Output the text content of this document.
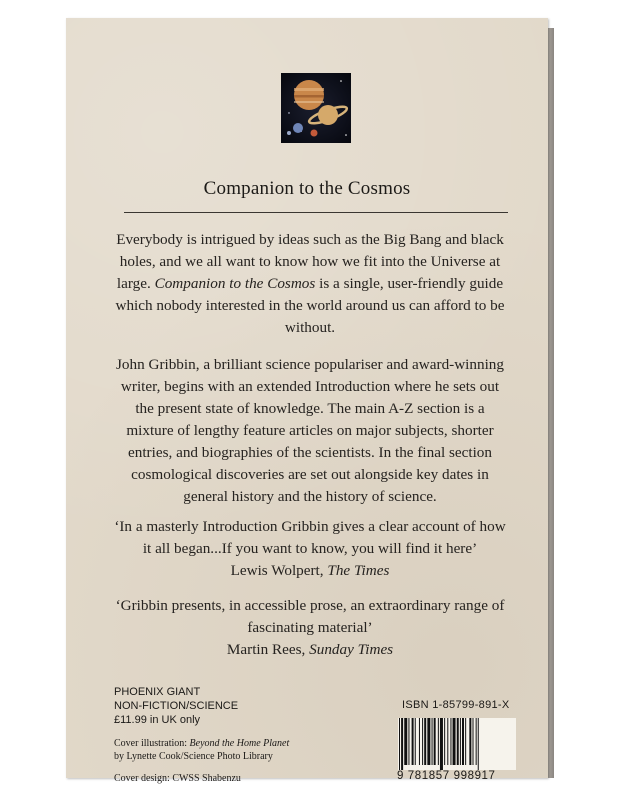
Companion to the Cosmos

Everybody is intrigued by ideas such as the Big Bang and black holes, and we all want to know how we fit into the Universe at large. Companion to the Cosmos is a single, user-friendly guide which nobody interested in the world around us can afford to be without.

John Gribbin, a brilliant science populariser and award-winning writer, begins with an extended Introduction where he sets out the present state of knowledge. The main A-Z section is a mixture of lengthy feature articles on major subjects, shorter entries, and biographies of the scientists. In the final section cosmological discoveries are set out alongside key dates in general history and the history of science.

‘In a masterly Introduction Gribbin gives a clear account of how it all began...If you want to know, you will find it here’

Lewis Wolpert, The Times

‘Gribbin presents, in accessible prose, an extraordinary range of fascinating material’

Martin Rees, Sunday Times
PHOENIX GIANT
NON-FICTION/SCIENCE
£11.99 in UK only
Cover illustration: Beyond the Home Planet
by Lynette Cook/Science Photo Library
Cover design: CWSS Shabenzu
ISBN 1-85799-891-X
9 781857 998917
